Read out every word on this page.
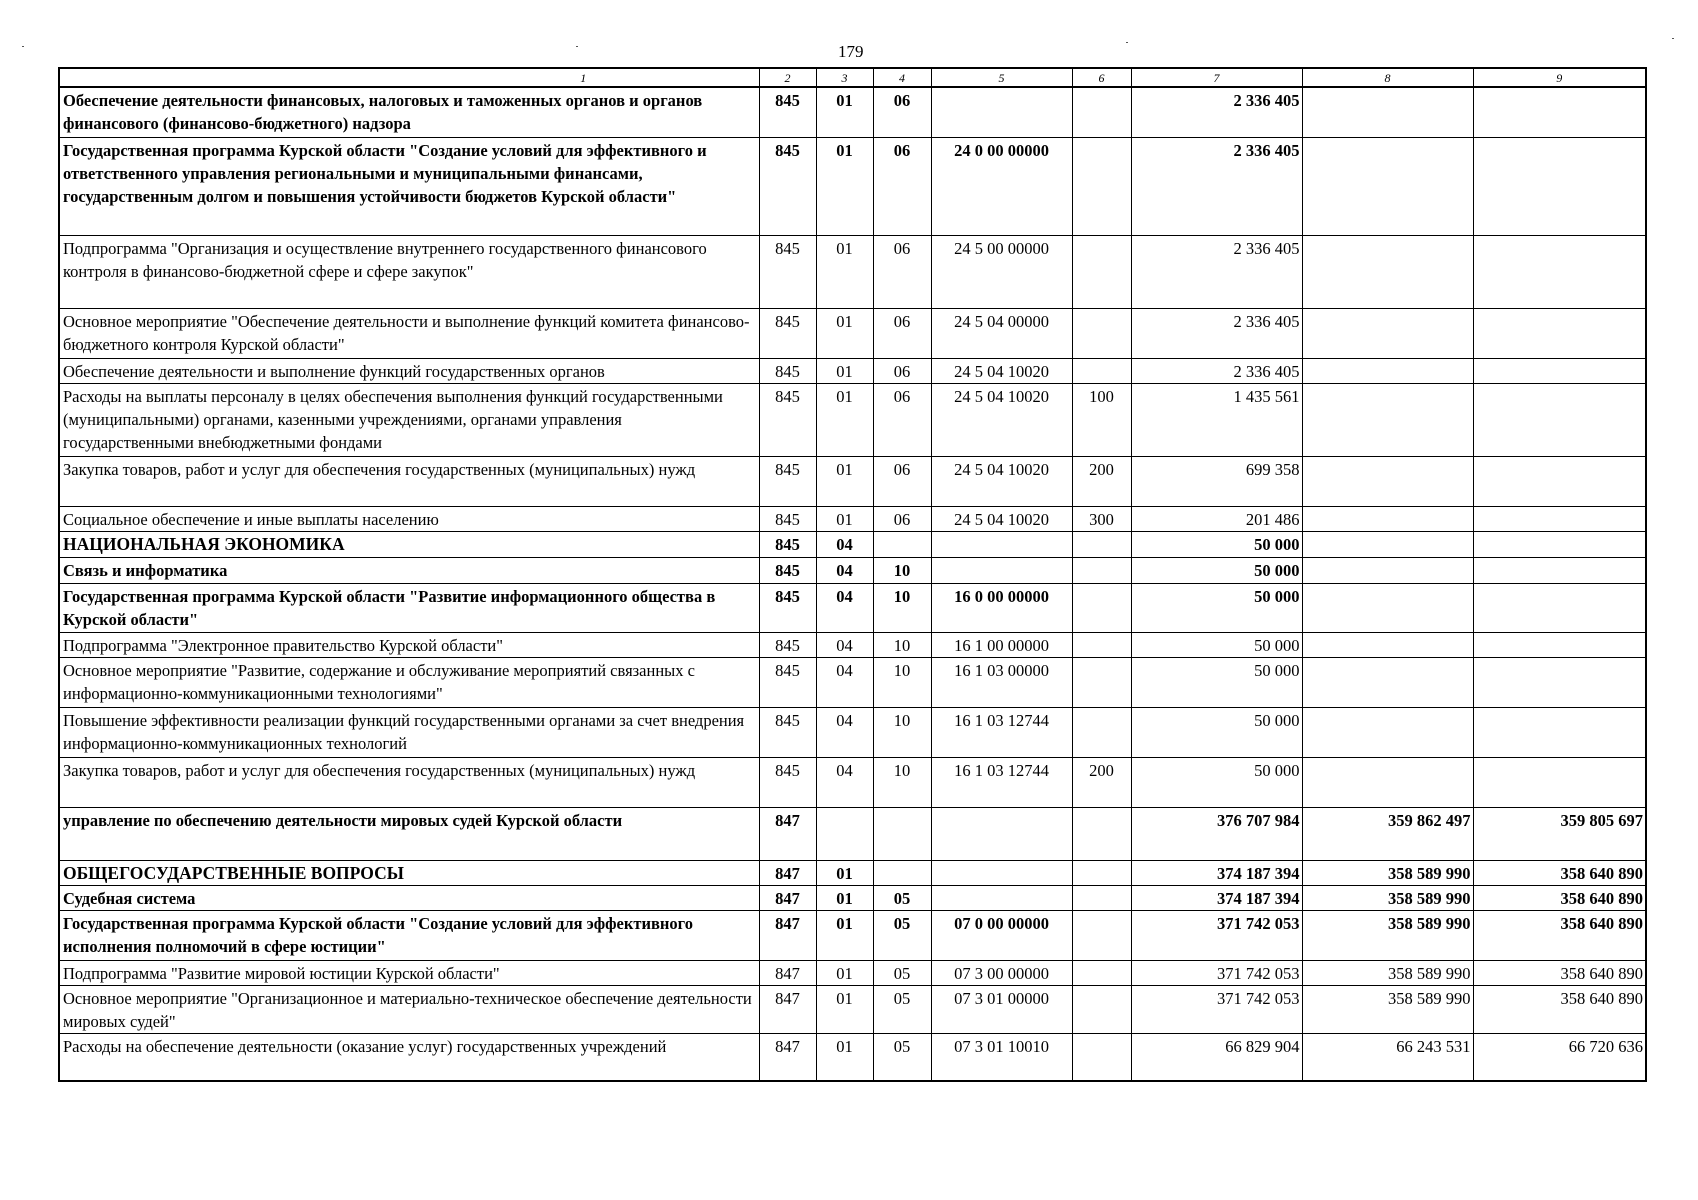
179
1	2	3	4	5	6	7	8	9
Обеспечение деятельности финансовых, налоговых и таможенных органов и органов финансового (финансово-бюджетного) надзора	845	01	06			2 336 405		
Государственная программа Курской области "Создание условий для эффективного и ответственного управления региональными и муниципальными финансами, государственным долгом и повышения устойчивости бюджетов Курской области"	845	01	06	24 0 00 00000		2 336 405		
Подпрограмма "Организация и осуществление внутреннего государственного финансового контроля в финансово-бюджетной сфере и сфере закупок"	845	01	06	24 5 00 00000		2 336 405		
Основное мероприятие "Обеспечение деятельности и выполнение функций комитета финансово-бюджетного контроля Курской области"	845	01	06	24 5 04 00000		2 336 405		
Обеспечение деятельности и выполнение функций государственных органов	845	01	06	24 5 04 10020		2 336 405		
Расходы на выплаты персоналу в целях обеспечения выполнения функций государственными (муниципальными) органами, казенными учреждениями, органами управления государственными внебюджетными фондами	845	01	06	24 5 04 10020	100	1 435 561		
Закупка товаров, работ и услуг для обеспечения государственных (муниципальных) нужд	845	01	06	24 5 04 10020	200	699 358		
Социальное обеспечение и иные выплаты населению	845	01	06	24 5 04 10020	300	201 486		
НАЦИОНАЛЬНАЯ ЭКОНОМИКА	845	04				50 000		
Связь и информатика	845	04	10			50 000		
Государственная программа Курской области "Развитие информационного общества в Курской области"	845	04	10	16 0 00 00000		50 000		
Подпрограмма "Электронное правительство Курской области"	845	04	10	16 1 00 00000		50 000		
Основное мероприятие "Развитие, содержание и обслуживание мероприятий связанных с информационно-коммуникационными технологиями"	845	04	10	16 1 03 00000		50 000		
Повышение эффективности реализации функций государственными органами за счет внедрения информационно-коммуникационных технологий	845	04	10	16 1 03 12744		50 000		
Закупка товаров, работ и услуг для обеспечения государственных (муниципальных) нужд	845	04	10	16 1 03 12744	200	50 000		
управление по обеспечению деятельности мировых судей Курской области	847					376 707 984	359 862 497	359 805 697
ОБЩЕГОСУДАРСТВЕННЫЕ ВОПРОСЫ	847	01				374 187 394	358 589 990	358 640 890
Судебная система	847	01	05			374 187 394	358 589 990	358 640 890
Государственная программа Курской области "Создание условий для эффективного исполнения полномочий в сфере юстиции"	847	01	05	07 0 00 00000		371 742 053	358 589 990	358 640 890
Подпрограмма "Развитие мировой юстиции Курской области"	847	01	05	07 3 00 00000		371 742 053	358 589 990	358 640 890
Основное мероприятие "Организационное и материально-техническое обеспечение деятельности мировых судей"	847	01	05	07 3 01 00000		371 742 053	358 589 990	358 640 890
Расходы на обеспечение деятельности (оказание услуг) государственных учреждений	847	01	05	07 3 01 10010		66 829 904	66 243 531	66 720 636
